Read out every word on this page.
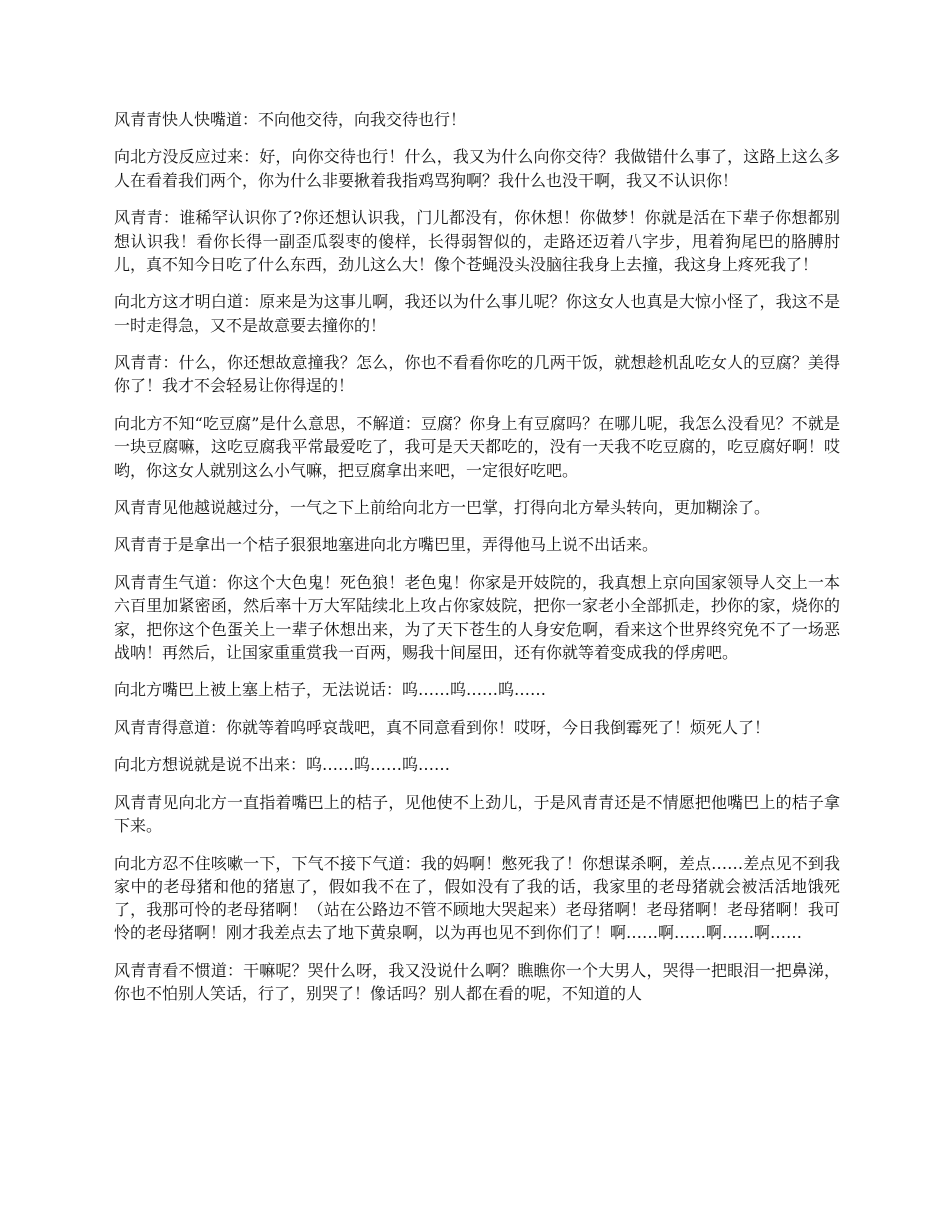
风青青快人快嘴道：不向他交待，向我交待也行！

向北方没反应过来：好，向你交待也行！什么，我又为什么向你交待？我做错什么事了，这路上这么多人在看着我们两个，你为什么非要揪着我指鸡骂狗啊？我什么也没干啊，我又不认识你！

风青青：谁稀罕认识你了?你还想认识我，门儿都没有，你休想！你做梦！你就是活在下辈子你想都别想认识我！看你长得一副歪瓜裂枣的傻样，长得弱智似的，走路还迈着八字步，甩着狗尾巴的胳膊肘儿，真不知今日吃了什么东西，劲儿这么大！像个苍蝇没头没脑往我身上去撞，我这身上疼死我了！

向北方这才明白道：原来是为这事儿啊，我还以为什么事儿呢？你这女人也真是大惊小怪了，我这不是一时走得急，又不是故意要去撞你的！

风青青：什么，你还想故意撞我？怎么，你也不看看你吃的几两干饭，就想趁机乱吃女人的豆腐？美得你了！我才不会轻易让你得逞的！

向北方不知“吃豆腐”是什么意思，不解道：豆腐？你身上有豆腐吗？在哪儿呢，我怎么没看见？不就是一块豆腐嘛，这吃豆腐我平常最爱吃了，我可是天天都吃的，没有一天我不吃豆腐的，吃豆腐好啊！哎哟，你这女人就别这么小气嘛，把豆腐拿出来吧，一定很好吃吧。

风青青见他越说越过分，一气之下上前给向北方一巴掌，打得向北方晕头转向，更加糊涂了。

风青青于是拿出一个桔子狠狠地塞进向北方嘴巴里，弄得他马上说不出话来。

风青青生气道：你这个大色鬼！死色狼！老色鬼！你家是开妓院的，我真想上京向国家领导人交上一本六百里加紧密函，然后率十万大军陆续北上攻占你家妓院，把你一家老小全部抓走，抄你的家，烧你的家，把你这个色蛋关上一辈子休想出来，为了天下苍生的人身安危啊，看来这个世界终究免不了一场恶战呐！再然后，让国家重重赏我一百两，赐我十间屋田，还有你就等着变成我的俘虏吧。

向北方嘴巴上被上塞上桔子，无法说话：呜……呜……呜……

风青青得意道：你就等着呜呼哀哉吧，真不同意看到你！哎呀，今日我倒霉死了！烦死人了！

向北方想说就是说不出来：呜……呜……呜……

风青青见向北方一直指着嘴巴上的桔子，见他使不上劲儿，于是风青青还是不情愿把他嘴巴上的桔子拿下来。

向北方忍不住咳嗽一下，下气不接下气道：我的妈啊！憋死我了！你想谋杀啊，差点……差点见不到我家中的老母猪和他的猪崽了，假如我不在了，假如没有了我的话，我家里的老母猪就会被活活地饿死了，我那可怜的老母猪啊！（站在公路边不管不顾地大哭起来）老母猪啊！老母猪啊！老母猪啊！我可怜的老母猪啊！刚才我差点去了地下黄泉啊，以为再也见不到你们了！啊……啊……啊……啊……

风青青看不惯道：干嘛呢？哭什么呀，我又没说什么啊？瞧瞧你一个大男人，哭得一把眼泪一把鼻涕，你也不怕别人笑话，行了，别哭了！像话吗？别人都在看的呢，不知道的人
